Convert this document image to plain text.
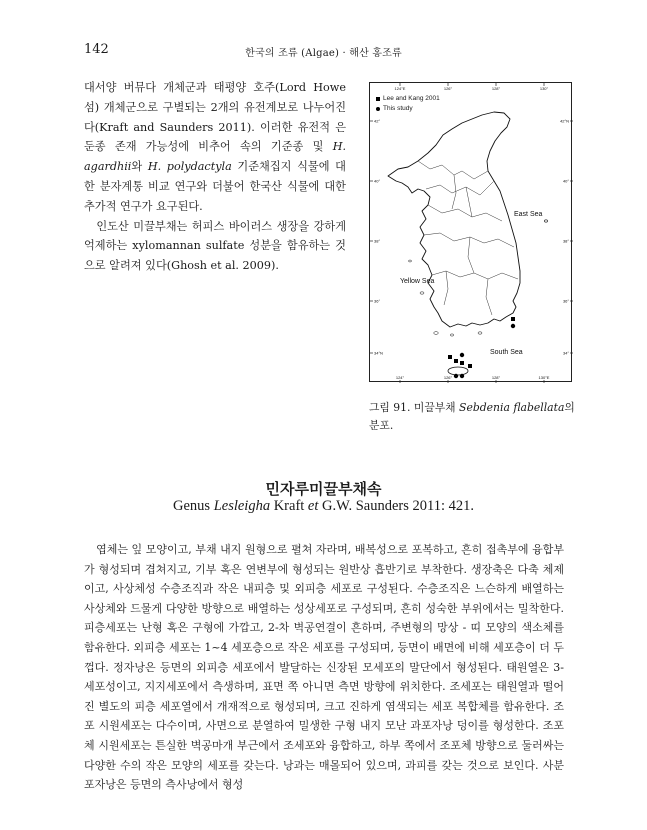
142	한국의 조류 (Algae) · 해산 홍조류

대서양 버뮤다 개체군과 태평양 호주(Lord Howe 섬) 개체군으로 구별되는 2개의 유전계보로 나누어진다(Kraft and Saunders 2011). 이러한 유전적 은둔종 존재 가능성에 비추어 속의 기준종 및 H. agardhii와 H. polydactyla 기준채집지 식물에 대한 분자계통 비교 연구와 더불어 한국산 식물에 대한 추가적 연구가 요구된다.

인도산 미끌부채는 허피스 바이러스 생장을 강하게 억제하는 xylomannan sulfate 성분을 함유하는 것으로 알려져 있다(Ghosh et al. 2009).

124°E
124°
126°
126°
128°
128°
130°
130°E
42°	42°N
40°	40°
38°	38°
36°	36°
34°N	34°
Lee and Kang 2001
This study
East Sea
Yellow Sea
South Sea
그림 91. 미끌부채 Sebdenia flabellata의 분포.
민자루미끌부채속
Genus Lesleigha Kraft et G.W. Saunders 2011: 421.

엽체는 잎 모양이고, 부채 내지 원형으로 펼쳐 자라며, 배복성으로 포복하고, 흔히 접촉부에 융합부가 형성되며 겹쳐지고, 기부 혹은 연변부에 형성되는 원반상 흡반기로 부착한다. 생장축은 다축 체제이고, 사상체성 수층조직과 작은 내피층 및 외피층 세포로 구성된다. 수층조직은 느슨하게 배열하는 사상체와 드물게 다양한 방향으로 배열하는 성상세포로 구성되며, 흔히 성숙한 부위에서는 밀착한다. 피층세포는 난형 혹은 구형에 가깝고, 2-차 벽공연결이 흔하며, 주변형의 망상 - 띠 모양의 색소체를 함유한다. 외피층 세포는 1~4 세포층으로 작은 세포를 구성되며, 등면이 배면에 비해 세포층이 더 두껍다. 정자낭은 등면의 외피층 세포에서 발달하는 신장된 모세포의 말단에서 형성된다. 태원열은 3-세포성이고, 지지세포에서 측생하며, 표면 쪽 아니면 측면 방향에 위치한다. 조세포는 태원열과 떨어진 별도의 피층 세포열에서 개재적으로 형성되며, 크고 진하게 염색되는 세포 복합체를 함유한다. 조포 시원세포는 다수이며, 사면으로 분열하여 밀생한 구형 내지 모난 과포자낭 덩이를 형성한다. 조포체 시원세포는 튼실한 벽공마개 부근에서 조세포와 융합하고, 하부 쪽에서 조포체 방향으로 둘러싸는 다양한 수의 작은 모양의 세포를 갖는다. 낭과는 매몰되어 있으며, 과피를 갖는 것으로 보인다. 사분포자낭은 등면의 측사낭에서 형성
